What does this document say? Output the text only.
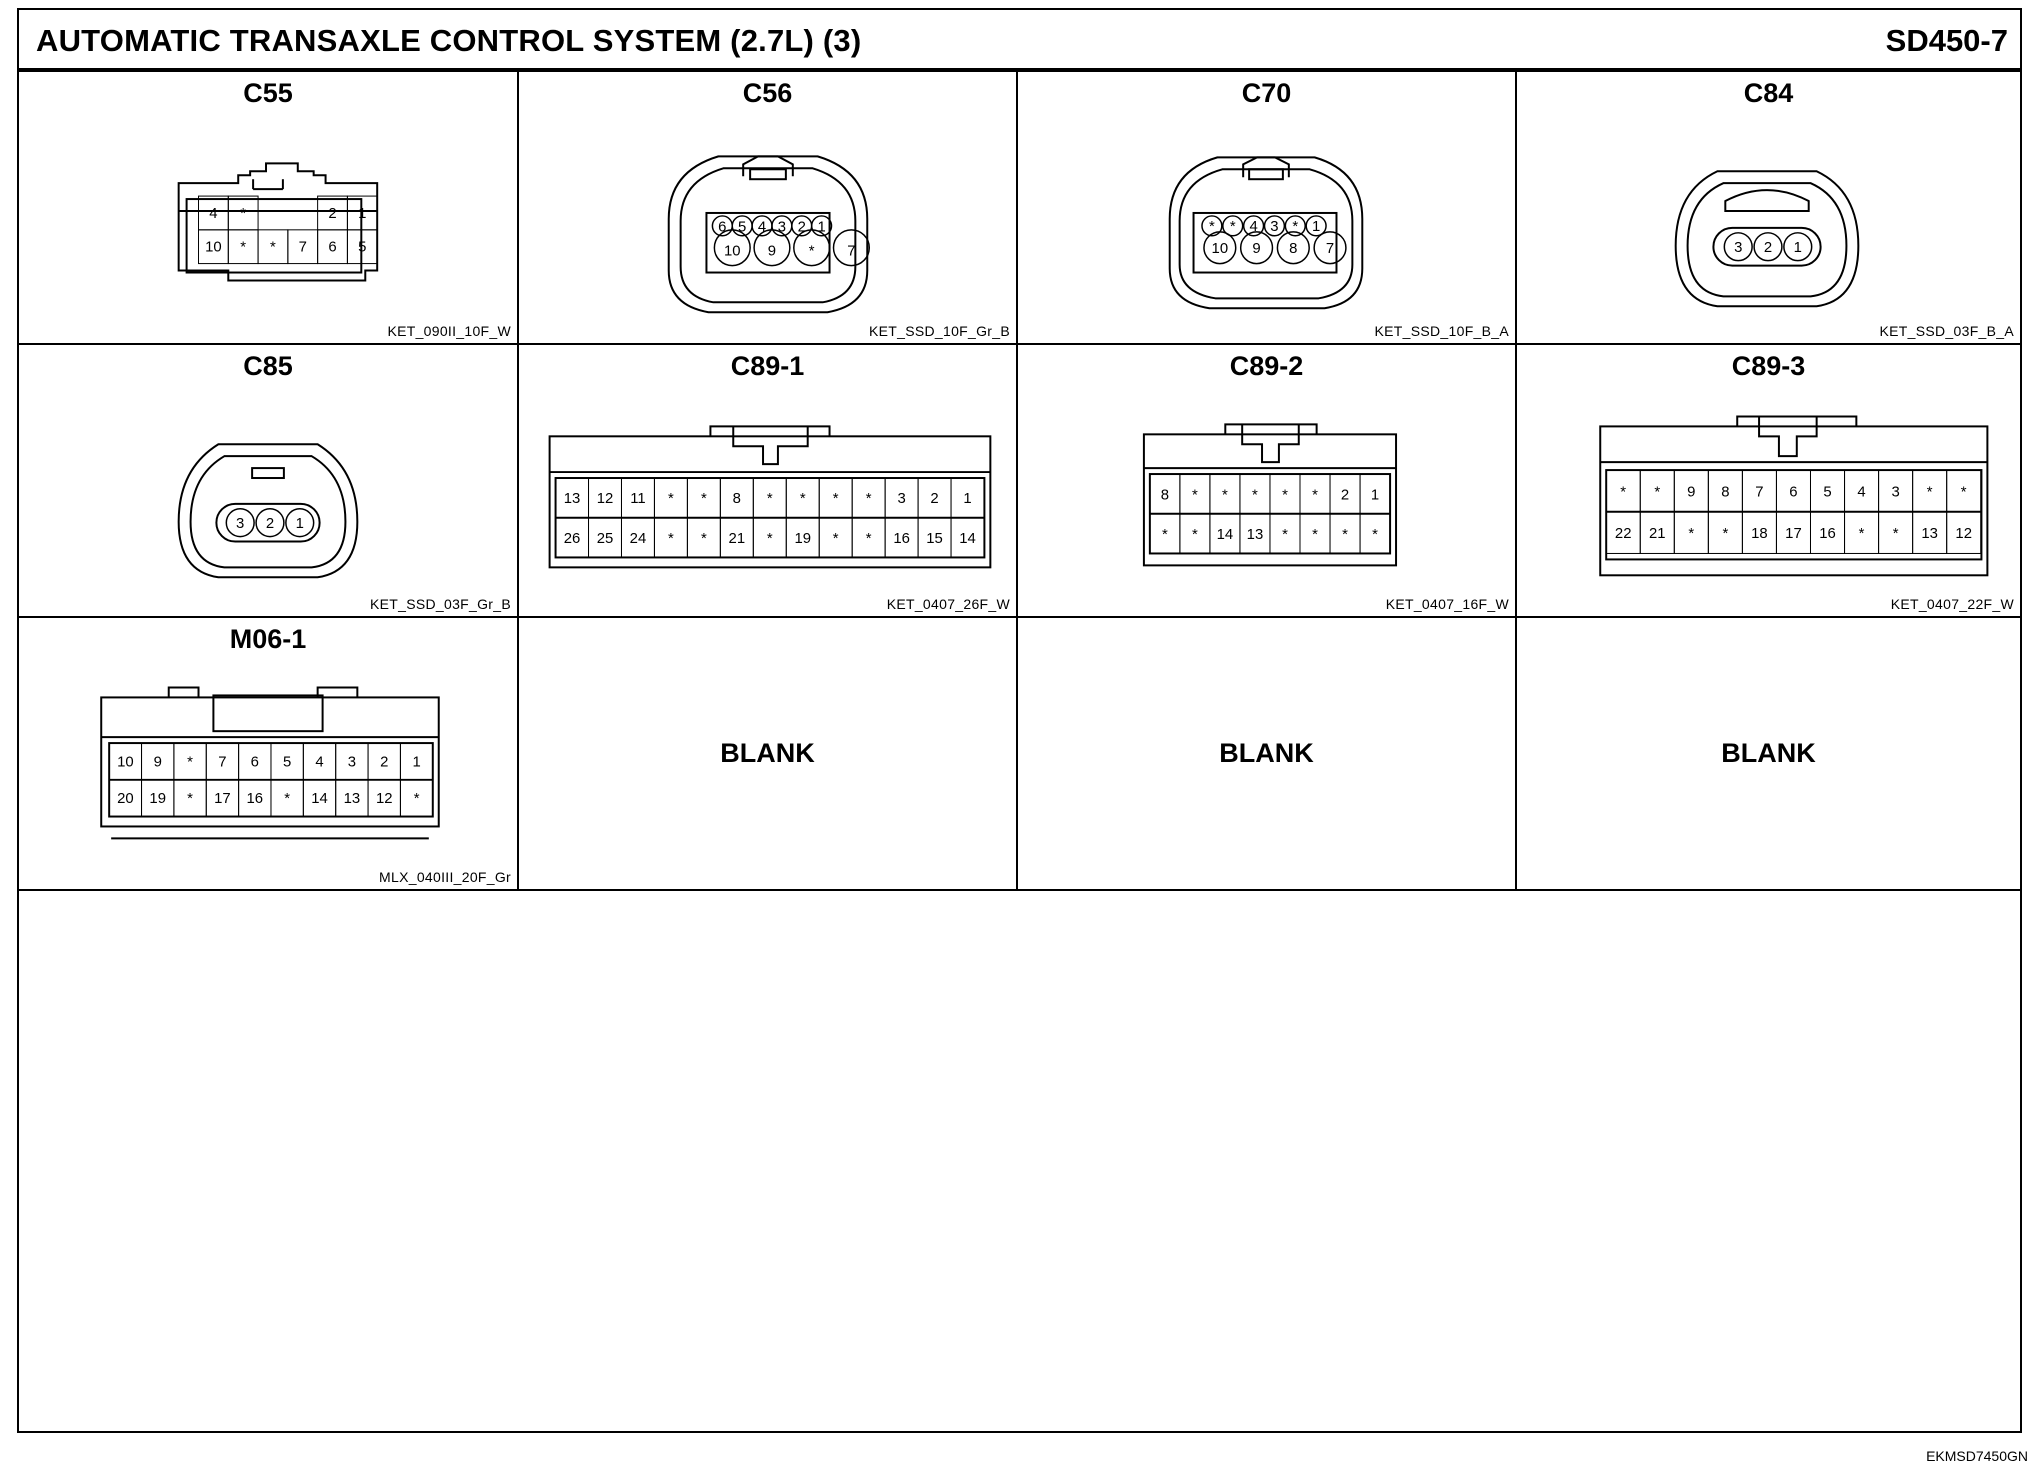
AUTOMATIC TRANSAXLE CONTROL SYSTEM (2.7L) (3)	SD450-7
C55
4 *	2 1
10 * * 7 6 5
KET_090II_10F_W
C56
6 5 4 3 2 1
10 9 * 7
KET_SSD_10F_Gr_B
C70
* * 4 3 * 1
10 9 8 7
KET_SSD_10F_B_A
C84
3 2 1
KET_SSD_03F_B_A
C85
3 2 1
KET_SSD_03F_Gr_B
C89-1
13 12 11 * * 8 * * * * 3 2 1
26 25 24 * * 21 * 19 * * 16 15 14
KET_0407_26F_W
C89-2
8 * * * * * 2 1
* * 14 13 * * * *
KET_0407_16F_W
C89-3
* * 9 8 7 6 5 4 3 * *
22 21 * * 18 17 16 * * 13 12
KET_0407_22F_W
M06-1
10 9 * 7 6 5 4 3 2 1
20 19 * 17 16 * 14 13 12 *
MLX_040III_20F_Gr
BLANK	BLANK	BLANK
EKMSD7450GN
